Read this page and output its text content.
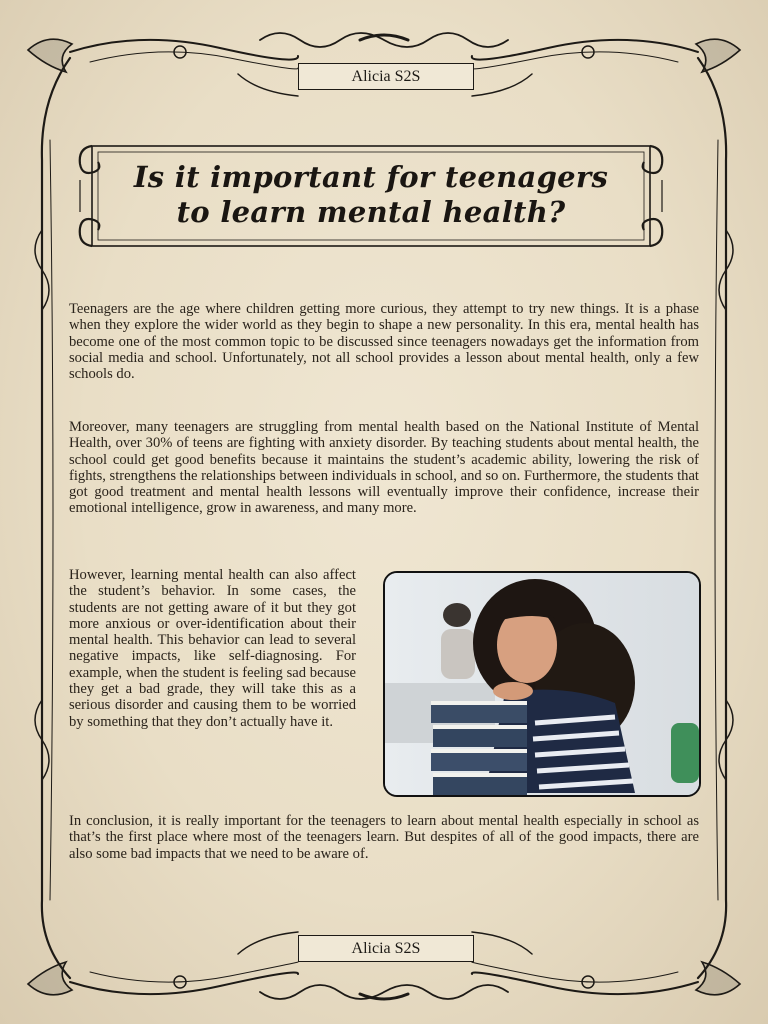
Alicia S2S
Is it important for teenagers
to learn mental health?

Teenagers are the age where children getting more curious, they attempt to try new things. It is a phase when they explore the wider world as they begin to shape a new personality. In this era, mental health has become one of the most common topic to be discussed since teenagers nowadays get the information from social media and school. Unfortunately, not all school provides a lesson about mental health, only a few schools do.

Moreover, many teenagers are struggling from mental health based on the National Institute of Mental Health, over 30% of teens are fighting with anxiety disorder. By teaching students about mental health, the school could get good benefits because it maintains the student’s academic ability, lowering the risk of fights, strengthens the relationships between individuals in school, and so on. Furthermore, the students that got good treatment and mental health lessons will eventually improve their confidence, increase their emotional intelligence, grow in awareness, and many more.

However, learning mental health can also affect the student’s behavior. In some cases, the students are not getting aware of it but they got more anxious or over-identification about their mental health. This behavior can lead to several negative impacts, like self-diagnosing. For example, when the student is feeling sad because they get a bad grade, they will take this as a serious disorder and causing them to be worried by something that they don’t actually have it.

In conclusion, it is really important for the teenagers to learn about mental health especially in school as that’s the first place where most of the teenagers learn. But despites of all of the good impacts, there are also some bad impacts that we need to be aware of.

Alicia S2S
